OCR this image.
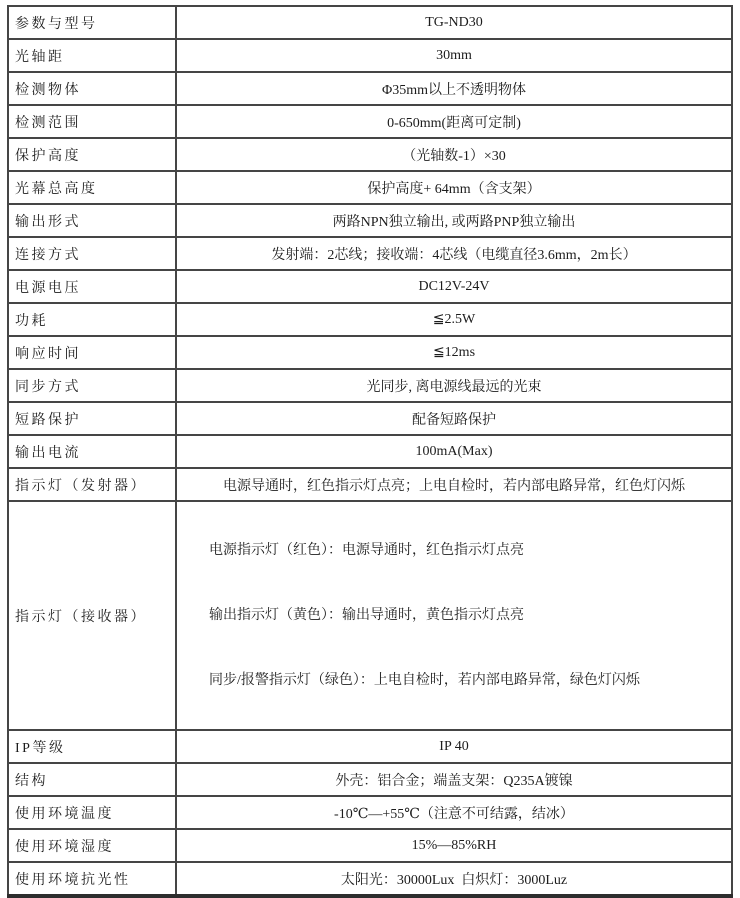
参数与型号	TG-ND30
光轴距	30mm
检测物体	Φ35mm以上不透明物体
检测范围	0-650mm(距离可定制)
保护高度	（光轴数-1）×30
光幕总高度	保护高度+ 64mm（含支架）
输出形式	两路NPN独立输出, 或两路PNP独立输出
连接方式	发射端：2芯线；接收端：4芯线（电缆直径3.6mm，2m长）
电源电压	DC12V-24V
功耗	≦2.5W
响应时间	≦12ms
同步方式	光同步, 离电源线最远的光束
短路保护	配备短路保护
输出电流	100mA(Max)
指示灯（发射器）	电源导通时，红色指示灯点亮；上电自检时，若内部电路异常，红色灯闪烁
指示灯（接收器）	电源指示灯（红色）：电源导通时，红色指示灯点亮

输出指示灯（黄色）：输出导通时，黄色指示灯点亮

同步/报警指示灯（绿色）：上电自检时，若内部电路异常，绿色灯闪烁

IP等级	IP 40
结构	外壳：铝合金；端盖支架：Q235A镀镍
使用环境温度	-10℃—+55℃（注意不可结露，结冰）
使用环境湿度	15%—85%RH
使用环境抗光性	太阳光：30000Lux  白炽灯：3000Luz
